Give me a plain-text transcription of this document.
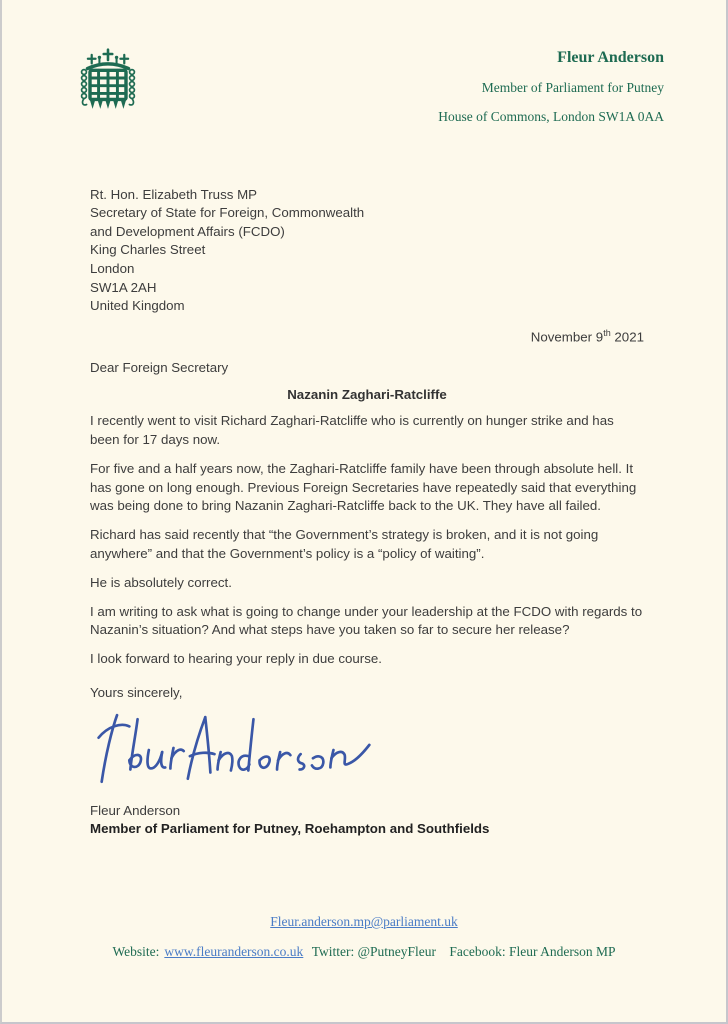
Fleur Anderson
Member of Parliament for Putney
House of Commons, London SW1A 0AA
Rt. Hon. Elizabeth Truss MP
Secretary of State for Foreign, Commonwealth
and Development Affairs (FCDO)
King Charles Street
London
SW1A 2AH
United Kingdom
November 9th 2021
Dear Foreign Secretary
Nazanin Zaghari-Ratcliffe

I recently went to visit Richard Zaghari-Ratcliffe who is currently on hunger strike and has been for 17 days now.

For five and a half years now, the Zaghari-Ratcliffe family have been through absolute hell. It has gone on long enough. Previous Foreign Secretaries have repeatedly said that everything was being done to bring Nazanin Zaghari-Ratcliffe back to the UK. They have all failed.

Richard has said recently that “the Government’s strategy is broken, and it is not going anywhere” and that the Government’s policy is a “policy of waiting”.

He is absolutely correct.

I am writing to ask what is going to change under your leadership at the FCDO with regards to Nazanin’s situation? And what steps have you taken so far to secure her release?

I look forward to hearing your reply in due course.

Yours sincerely,
Fleur Anderson
Member of Parliament for Putney, Roehampton and Southfields
Fleur.anderson.mp@parliament.uk
Website: www.fleuranderson.co.uk Twitter: @PutneyFleur Facebook: Fleur Anderson MP
